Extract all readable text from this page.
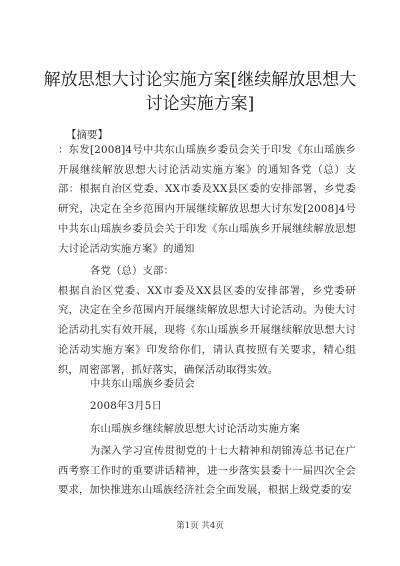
解放思想大讨论实施方案[继续解放思想大讨论实施方案]

【摘要】

：东发[2008]4号中共东山瑶族乡委员会关于印发《东山瑶族乡开展继续解放思想大讨论活动实施方案》的通知各党（总）支部：根据自治区党委、XX市委及XX县区委的安排部署，乡党委研究，决定在全乡范围内开展继续解放思想大讨东发[2008]4号中共东山瑶族乡委员会关于印发《东山瑶族乡开展继续解放思想大讨论活动实施方案》的通知

各党（总）支部：
根据自治区党委、XX市委及XX县区委的安排部署，乡党委研究，决定在全乡范围内开展继续解放思想大讨论活动。为使大讨论活动扎实有效开展，现将《东山瑶族乡开展继续解放思想大讨论活动实施方案》印发给你们，请认真按照有关要求，精心组织，周密部署，抓好落实，确保活动取得实效。

中共东山瑶族乡委员会

2008年3月5日

东山瑶族乡继续解放思想大讨论活动实施方案

为深入学习宣传贯彻党的十七大精神和胡锦涛总书记在广西考察工作时的重要讲话精神，进一步落实县委十一届四次全会要求，加快推进东山瑶族经济社会全面发展，根据上级党委的安

第1页 共4页
